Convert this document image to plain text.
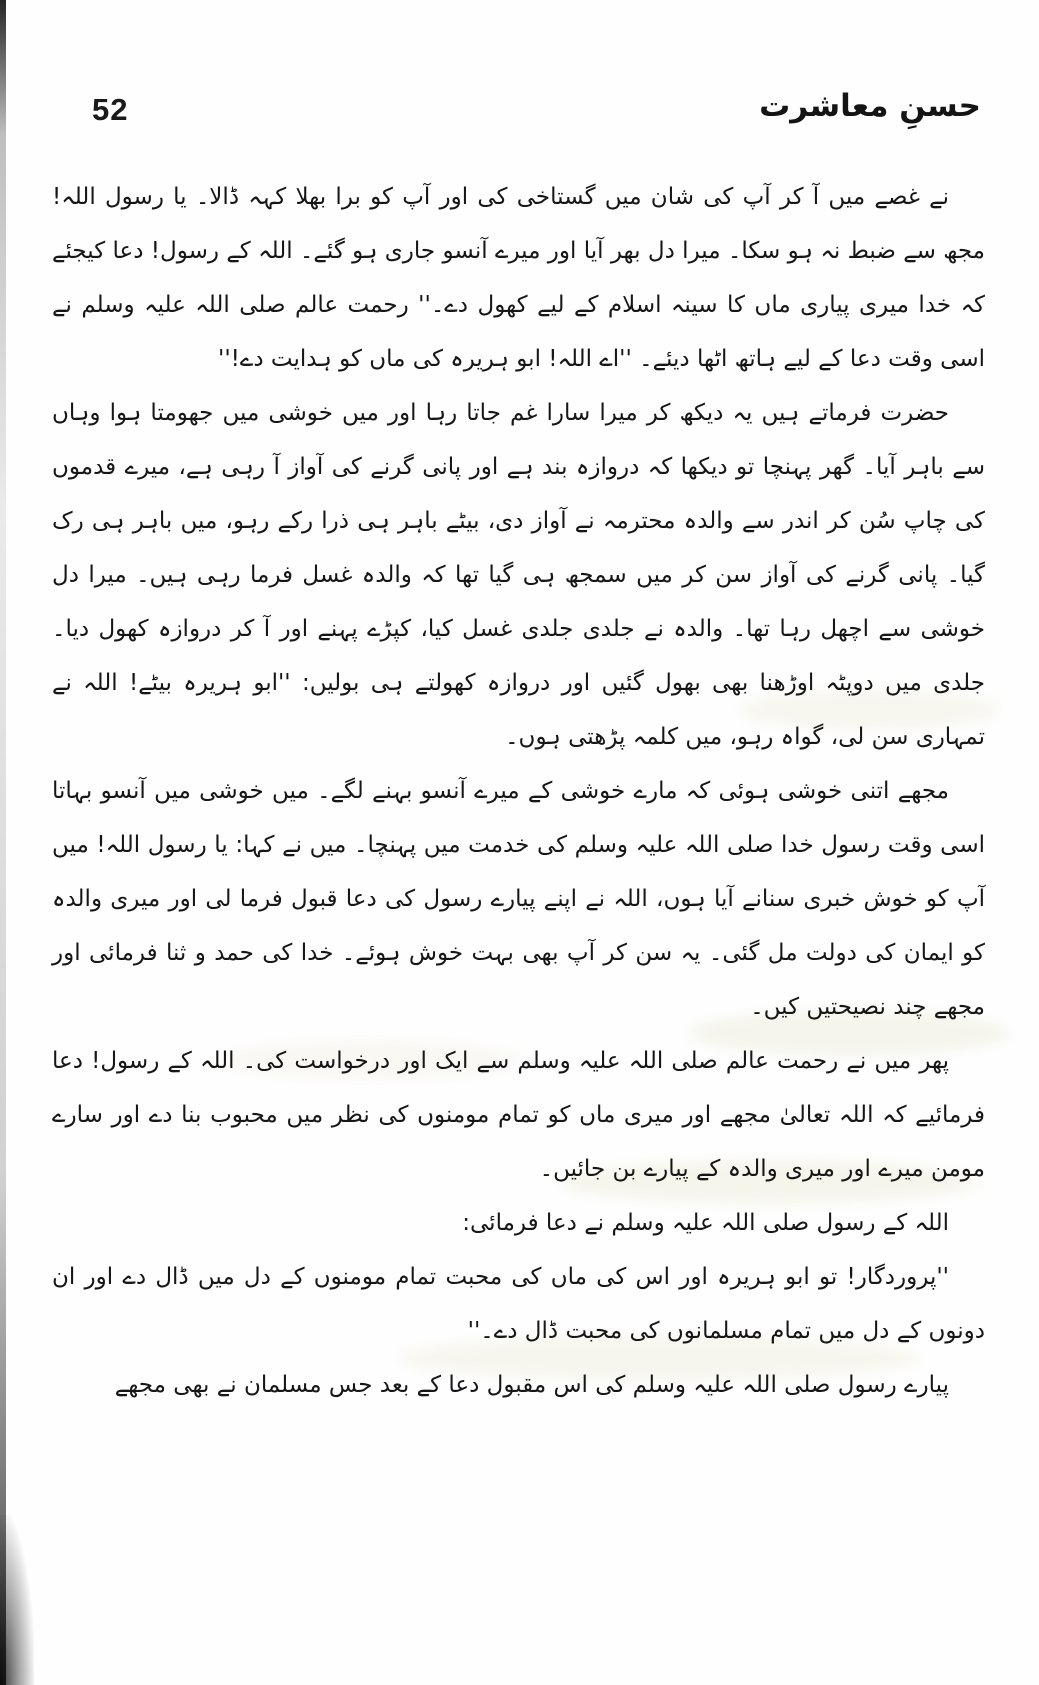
52	حسنِ معاشرت

نے غصے میں آ کر آپ کی شان میں گستاخی کی اور آپ کو برا بھلا کہہ ڈالا۔ یا رسول اللہ! مجھ سے ضبط نہ ہو سکا۔ میرا دل بھر آیا اور میرے آنسو جاری ہو گئے۔ اللہ کے رسول! دعا کیجئے کہ خدا میری پیاری ماں کا سینہ اسلام کے لیے کھول دے۔'' رحمت عالم صلی اللہ علیہ وسلم نے اسی وقت دعا کے لیے ہاتھ اٹھا دیئے۔ ''اے اللہ! ابو ہریرہ کی ماں کو ہدایت دے!''

حضرت فرماتے ہیں یہ دیکھ کر میرا سارا غم جاتا رہا اور میں خوشی میں جھومتا ہوا وہاں سے باہر آیا۔ گھر پہنچا تو دیکھا کہ دروازہ بند ہے اور پانی گرنے کی آواز آ رہی ہے، میرے قدموں کی چاپ سُن کر اندر سے والدہ محترمہ نے آواز دی، بیٹے باہر ہی ذرا رکے رہو، میں باہر ہی رک گیا۔ پانی گرنے کی آواز سن کر میں سمجھ ہی گیا تھا کہ والدہ غسل فرما رہی ہیں۔ میرا دل خوشی سے اچھل رہا تھا۔ والدہ نے جلدی جلدی غسل کیا، کپڑے پہنے اور آ کر دروازہ کھول دیا۔ جلدی میں دوپٹہ اوڑھنا بھی بھول گئیں اور دروازہ کھولتے ہی بولیں: ''ابو ہریرہ بیٹے! اللہ نے تمہاری سن لی، گواہ رہو، میں کلمہ پڑھتی ہوں۔

مجھے اتنی خوشی ہوئی کہ مارے خوشی کے میرے آنسو بہنے لگے۔ میں خوشی میں آنسو بہاتا اسی وقت رسول خدا صلی اللہ علیہ وسلم کی خدمت میں پہنچا۔ میں نے کہا: یا رسول اللہ! میں آپ کو خوش خبری سنانے آیا ہوں، اللہ نے اپنے پیارے رسول کی دعا قبول فرما لی اور میری والدہ کو ایمان کی دولت مل گئی۔ یہ سن کر آپ بھی بہت خوش ہوئے۔ خدا کی حمد و ثنا فرمائی اور مجھے چند نصیحتیں کیں۔

پھر میں نے رحمت عالم صلی اللہ علیہ وسلم سے ایک اور درخواست کی۔ اللہ کے رسول! دعا فرمائیے کہ اللہ تعالیٰ مجھے اور میری ماں کو تمام مومنوں کی نظر میں محبوب بنا دے اور سارے مومن میرے اور میری والدہ کے پیارے بن جائیں۔

اللہ کے رسول صلی اللہ علیہ وسلم نے دعا فرمائی:

''پروردگار! تو ابو ہریرہ اور اس کی ماں کی محبت تمام مومنوں کے دل میں ڈال دے اور ان دونوں کے دل میں تمام مسلمانوں کی محبت ڈال دے۔''

پیارے رسول صلی اللہ علیہ وسلم کی اس مقبول دعا کے بعد جس مسلمان نے بھی مجھے
